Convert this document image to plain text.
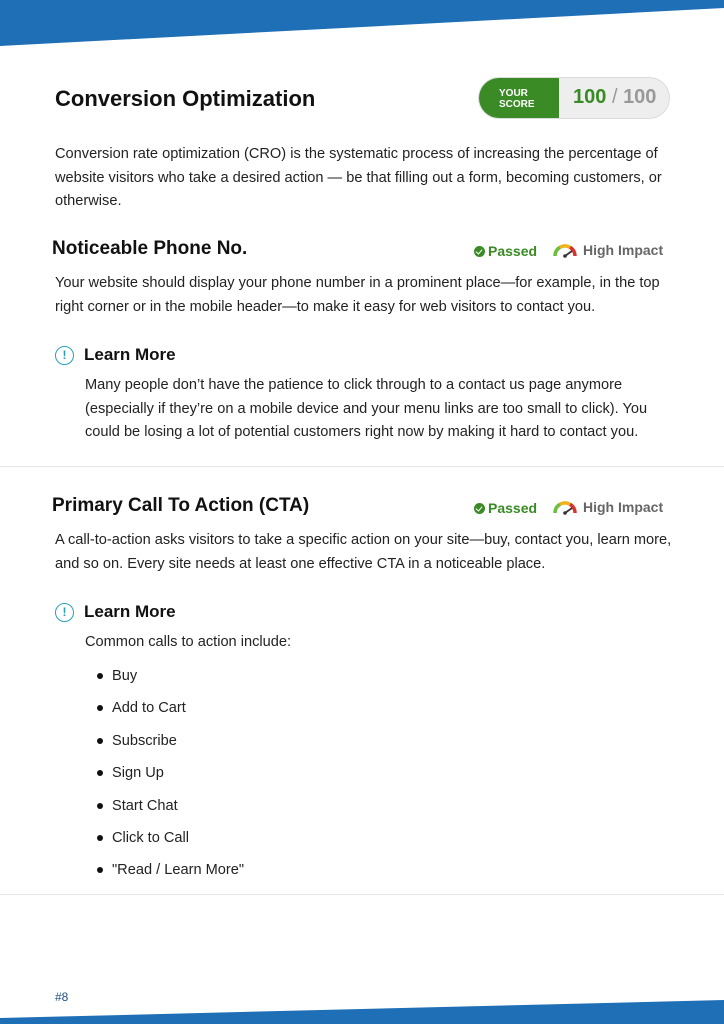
Conversion Optimization	YOUR
SCORE	100 / 100
Conversion rate optimization (CRO) is the systematic process of increasing the percentage of website visitors who take a desired action — be that filling out a form, becoming customers, or otherwise.
Noticeable Phone No.	Passed	High Impact
Your website should display your phone number in a prominent place—for example, in the top right corner or in the mobile header—to make it easy for web visitors to contact you.
!	Learn More
Many people don’t have the patience to click through to a contact us page anymore (especially if they’re on a mobile device and your menu links are too small to click). You could be losing a lot of potential customers right now by making it hard to contact you.
Primary Call To Action (CTA)	Passed	High Impact
A call-to-action asks visitors to take a specific action on your site—buy, contact you, learn more, and so on. Every site needs at least one effective CTA in a noticeable place.
!	Learn More
Common calls to action include:
Buy
Add to Cart
Subscribe
Sign Up
Start Chat
Click to Call
"Read / Learn More"
#8
